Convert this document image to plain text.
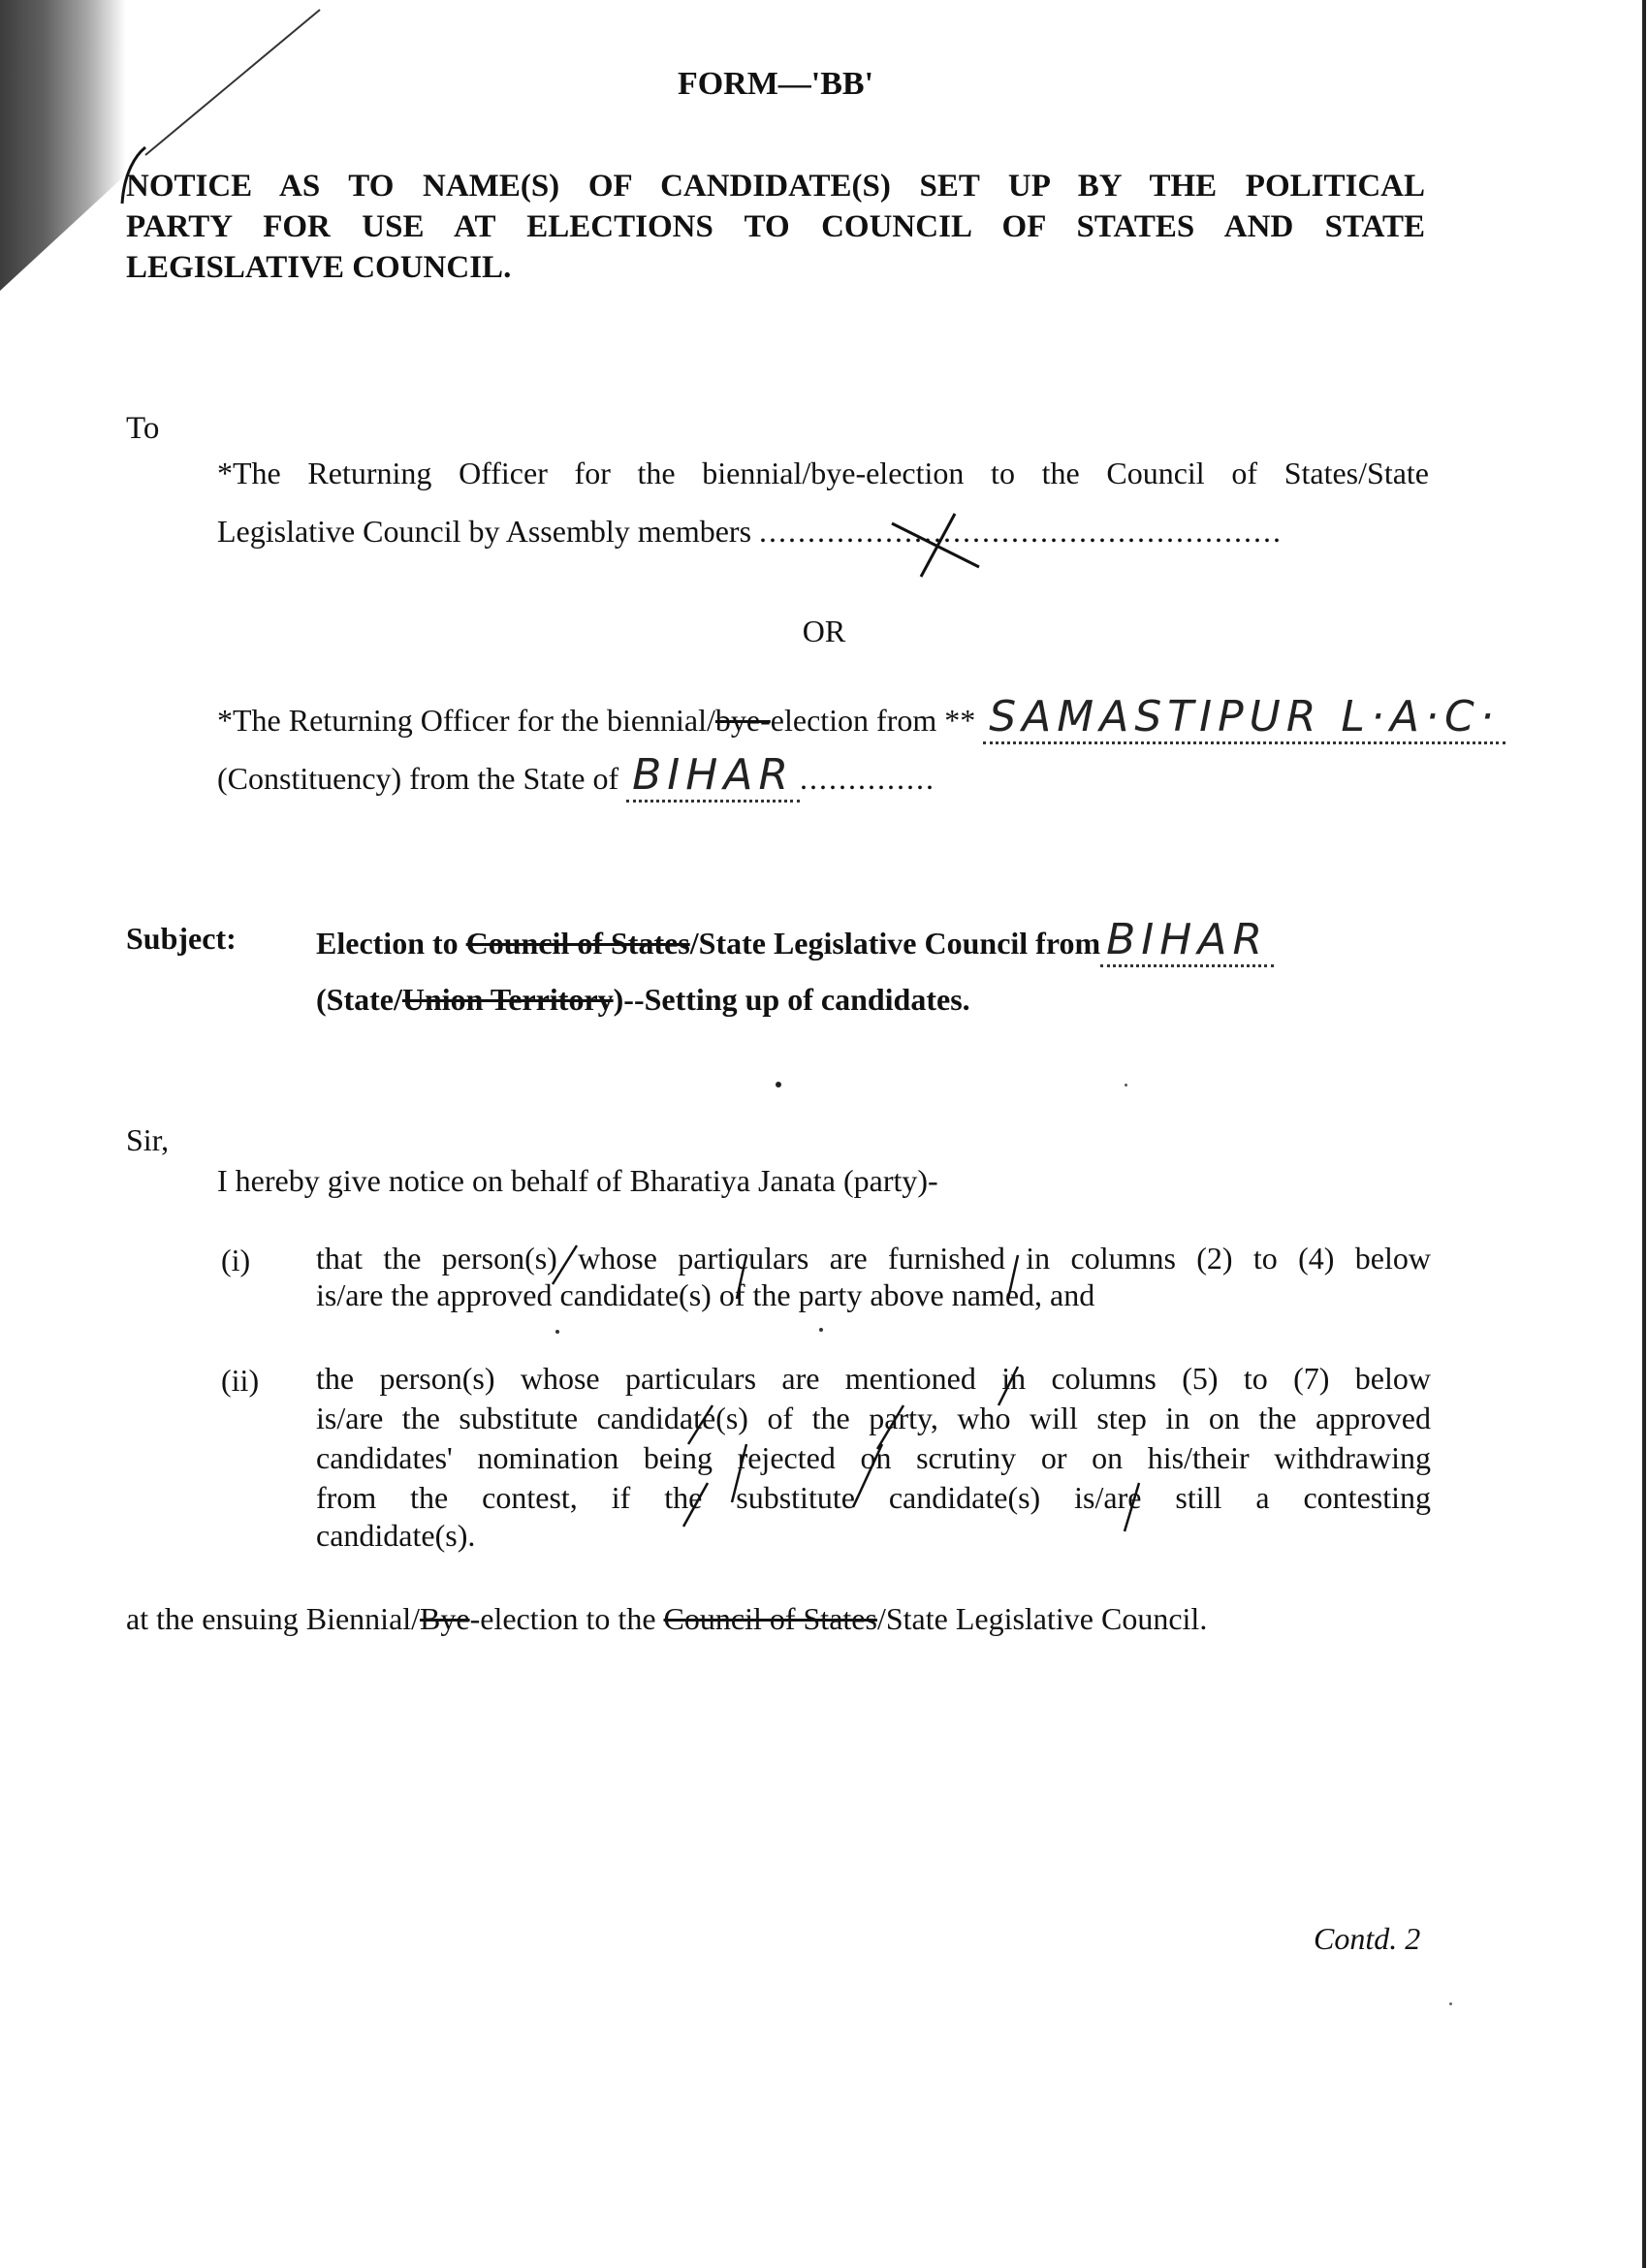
FORM—'BB'
NOTICE AS TO NAME(S) OF CANDIDATE(S) SET UP BY THE POLITICAL
PARTY FOR USE AT ELECTIONS TO COUNCIL OF STATES AND STATE
LEGISLATIVE COUNCIL.
To
*The Returning Officer for the biennial/bye-election to the Council of States/State
Legislative Council by Assembly members ......................................................
OR
*The Returning Officer for the biennial/bye-election from ** SAMASTIPUR L·A·C·
(Constituency) from the State of BIHAR ..............
Subject:	Election to Council of States/State Legislative Council from BIHAR
(State/Union Territory)--Setting up of candidates.
Sir,
I hereby give notice on behalf of Bharatiya Janata (party)-
(i) that the person(s) whose particulars are furnished in columns (2) to (4) below
is/are the approved candidate(s) of the party above named, and
(ii) the person(s) whose particulars are mentioned in columns (5) to (7) below
is/are the substitute candidate(s) of the party, who will step in on the approved
candidates' nomination being rejected on scrutiny or on his/their withdrawing
from the contest, if the substitute candidate(s) is/are still a contesting
candidate(s).
at the ensuing Biennial/Bye-election to the Council of States/State Legislative Council.
Contd. 2
